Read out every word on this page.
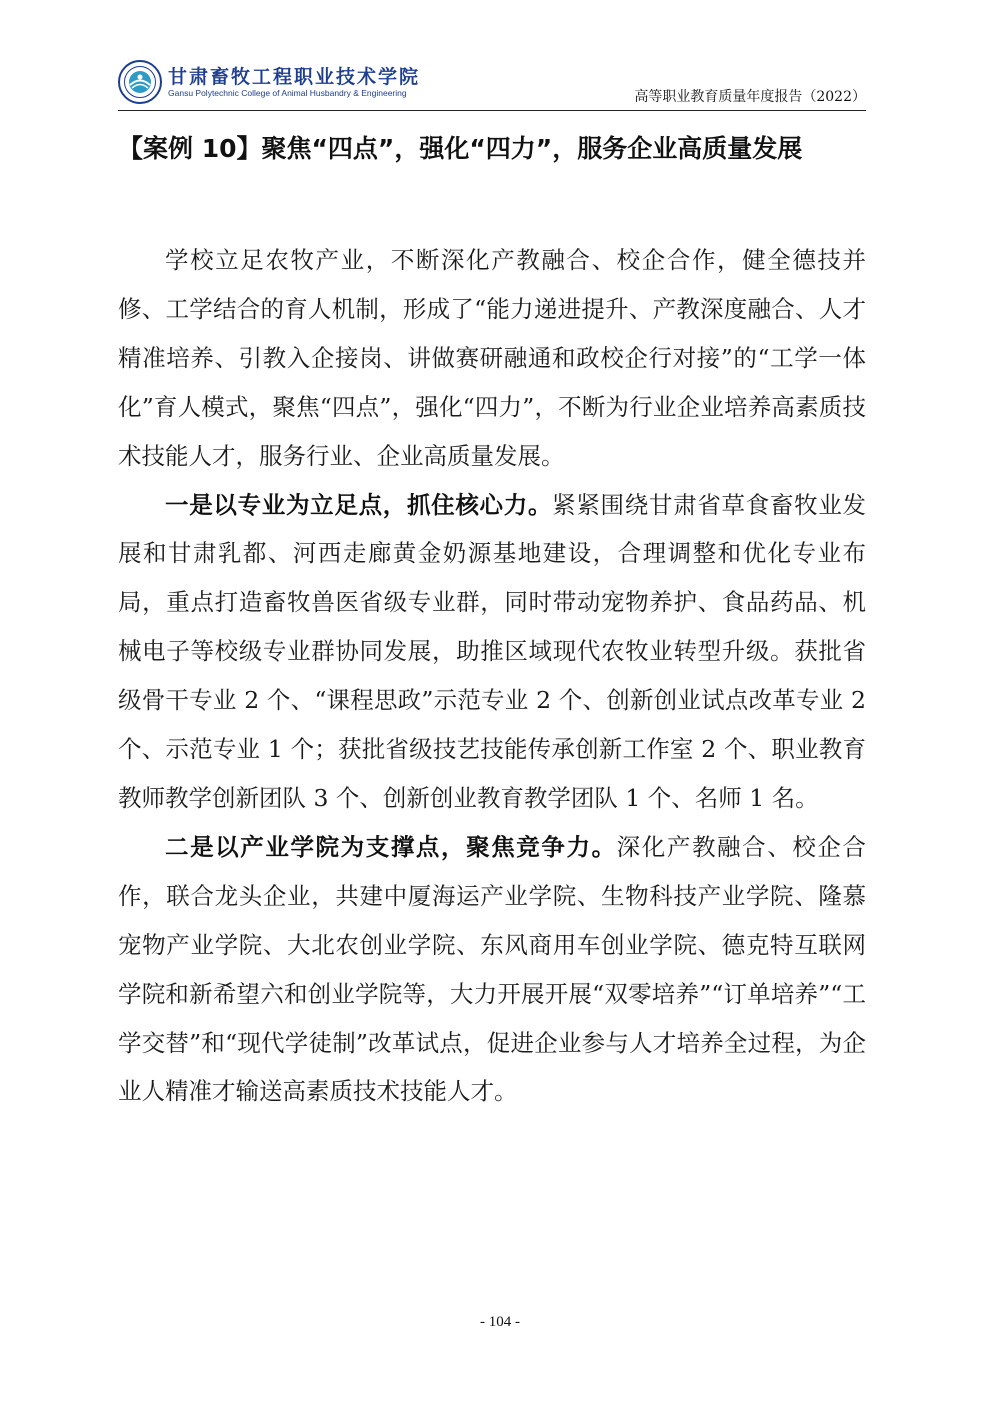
甘肃畜牧工程职业技术学院
Gansu Polytechnic College of Animal Husbandry & Engineering	高等职业教育质量年度报告（2022）
【案例 10】聚焦“四点”，强化“四力”，服务企业高质量发展

学校立足农牧产业，不断深化产教融合、校企合作，健全德技并修、工学结合的育人机制，形成了“能力递进提升、产教深度融合、人才精准培养、引教入企接岗、讲做赛研融通和政校企行对接”的“工学一体化”育人模式，聚焦“四点”，强化“四力”，不断为行业企业培养高素质技术技能人才，服务行业、企业高质量发展。

一是以专业为立足点，抓住核心力。紧紧围绕甘肃省草食畜牧业发展和甘肃乳都、河西走廊黄金奶源基地建设，合理调整和优化专业布局，重点打造畜牧兽医省级专业群，同时带动宠物养护、食品药品、机械电子等校级专业群协同发展，助推区域现代农牧业转型升级。获批省级骨干专业 2 个、“课程思政”示范专业 2 个、创新创业试点改革专业 2 个、示范专业 1 个；获批省级技艺技能传承创新工作室 2 个、职业教育教师教学创新团队 3 个、创新创业教育教学团队 1 个、名师 1 名。

二是以产业学院为支撑点，聚焦竞争力。深化产教融合、校企合作，联合龙头企业，共建中厦海运产业学院、生物科技产业学院、隆慕宠物产业学院、大北农创业学院、东风商用车创业学院、德克特互联网学院和新希望六和创业学院等，大力开展开展“双零培养”“订单培养”“工学交替”和“现代学徒制”改革试点，促进企业参与人才培养全过程，为企业人精准才输送高素质技术技能人才。

- 104 -
